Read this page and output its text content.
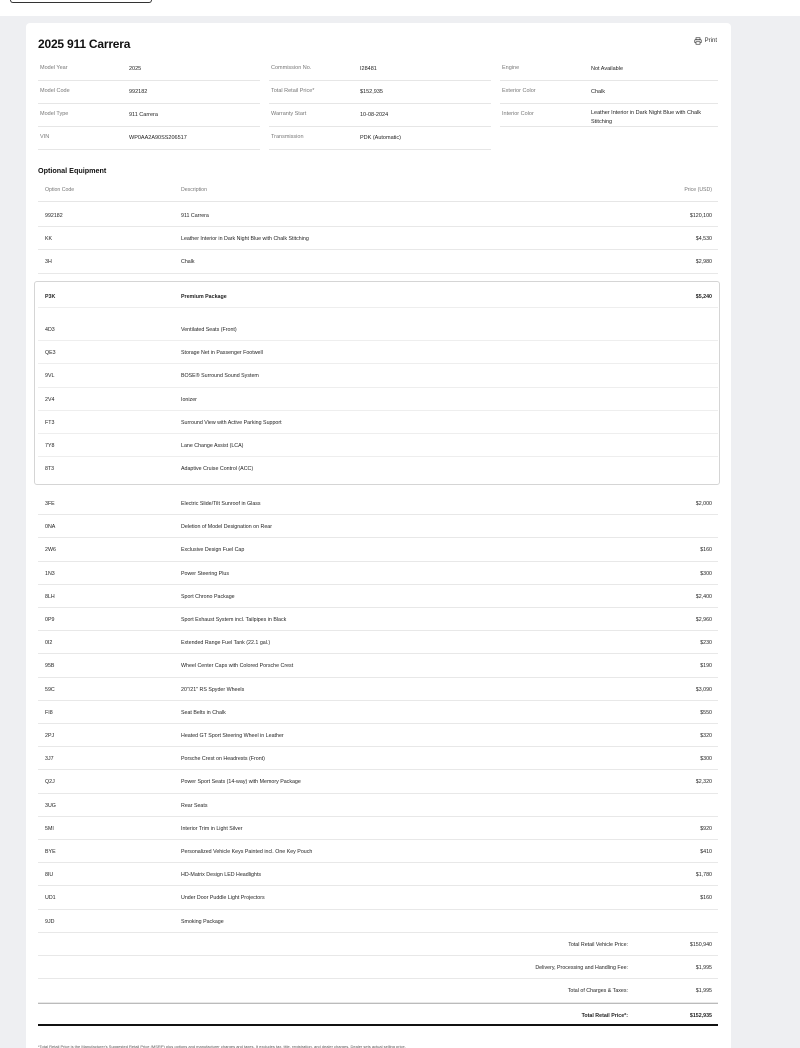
2025 911 Carrera	Print
Model Year	2025
Model Code	992182
Model Type	911 Carrera
VIN	WP0AA2A90SS206517
Commission No.	I28481
Total Retail Price*	$152,935
Warranty Start	10-08-2024
Transmission	PDK (Automatic)
Engine	Not Available
Exterior Color	Chalk
Interior Color	Leather Interior in Dark Night Blue with Chalk Stitching
Optional Equipment
Option Code	Description	Price (USD)
992182	911 Carrera	$120,100
KK	Leather Interior in Dark Night Blue with Chalk Stitching	$4,530
3H	Chalk	$2,980
P3K	Premium Package	$5,240
4D3	Ventilated Seats (Front)
QE3	Storage Net in Passenger Footwell
9VL	BOSE® Surround Sound System
2V4	Ionizer
FT3	Surround View with Active Parking Support
7Y8	Lane Change Assist (LCA)
8T3	Adaptive Cruise Control (ACC)
3FE	Electric Slide/Tilt Sunroof in Glass	$2,000
0NA	Deletion of Model Designation on Rear
2W6	Exclusive Design Fuel Cap	$160
1N3	Power Steering Plus	$300
8LH	Sport Chrono Package	$2,400
0P9	Sport Exhaust System incl. Tailpipes in Black	$2,960
0I2	Extended Range Fuel Tank (22.1 gal.)	$230
95B	Wheel Center Caps with Colored Porsche Crest	$190
59C	20"/21" RS Spyder Wheels	$3,090
FI8	Seat Belts in Chalk	$550
2PJ	Heated GT Sport Steering Wheel in Leather	$320
3J7	Porsche Crest on Headrests (Front)	$300
Q2J	Power Sport Seats (14-way) with Memory Package	$2,320
3UG	Rear Seats
5MI	Interior Trim in Light Silver	$920
BYE	Personalized Vehicle Keys Painted incl. One Key Pouch	$410
8IU	HD-Matrix Design LED Headlights	$1,780
UD1	Under Door Puddle Light Projectors	$160
9JD	Smoking Package
Total Retail Vehicle Price:	$150,940
Delivery, Processing and Handling Fee:	$1,995
Total of Charges & Taxes:	$1,995
Total Retail Price*:	$152,935
*Total Retail Price is the Manufacturer's Suggested Retail Price (MSRP) plus options and manufacturer charges and taxes. It excludes tax, title, registration, and dealer charges. Dealer sets actual selling price.
